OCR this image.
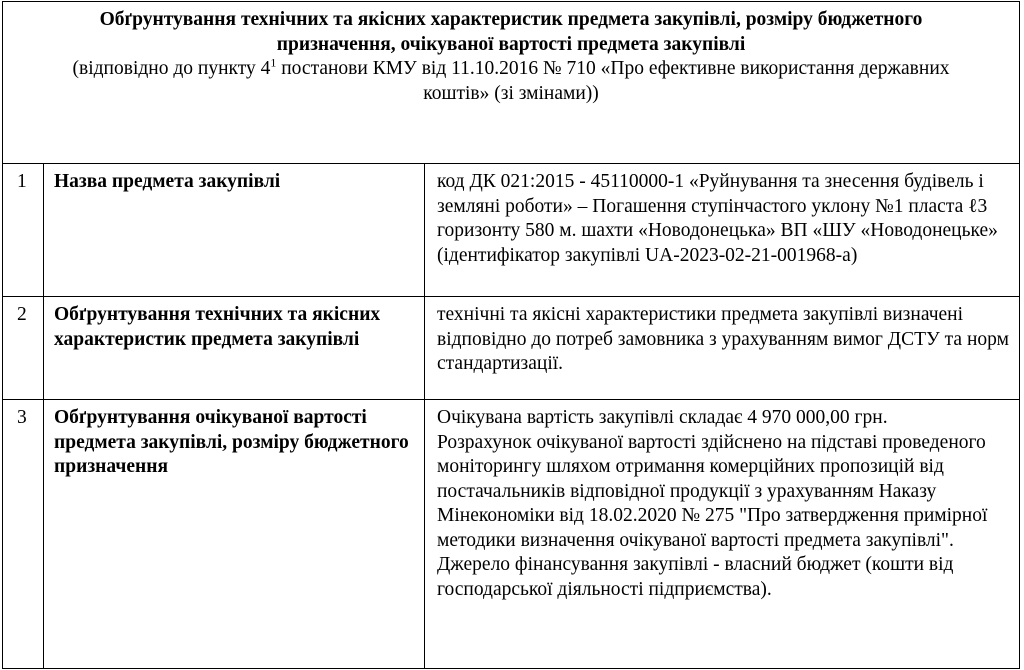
Обґрунтування технічних та якісних характеристик предмета закупівлі, розміру бюджетного призначення, очікуваної вартості предмета закупівлі
(відповідно до пункту $4^1$ постанови КМУ від 11.10.2016 № 710 «Про ефективне використання державних коштів» (зі змінами))		

1	Назва предмета закупівлі	код ДК 021:2015 - 45110000-1 «Руйнування та знесення будівель і земляні роботи» – Погашення ступінчастого уклону №1 пласта ℓ3 горизонту 580 м. шахти «Новодонецька» ВП «ШУ «Новодонецьке» (ідентифікатор закупівлі UA-2023-02-21-001968-а)
2	Обґрунтування технічних та якісних характеристик предмета закупівлі	технічні та якісні характеристики предмета закупівлі визначені відповідно до потреб замовника з урахуванням вимог ДСТУ та норм стандартизації.
3	Обґрунтування очікуваної вартості предмета закупівлі, розміру бюджетного призначення	Очікувана вартість закупівлі складає 4 970 000,00 грн.

Розрахунок очікуваної вартості здійснено на підставі проведеного моніторингу шляхом отримання комерційних пропозицій від постачальників відповідної продукції з урахуванням Наказу Мінекономіки від 18.02.2020 № 275 "Про затвердження примірної методики визначення очікуваної вартості предмета закупівлі".

Джерело фінансування закупівлі - власний бюджет (кошти від господарської діяльності підприємства).
